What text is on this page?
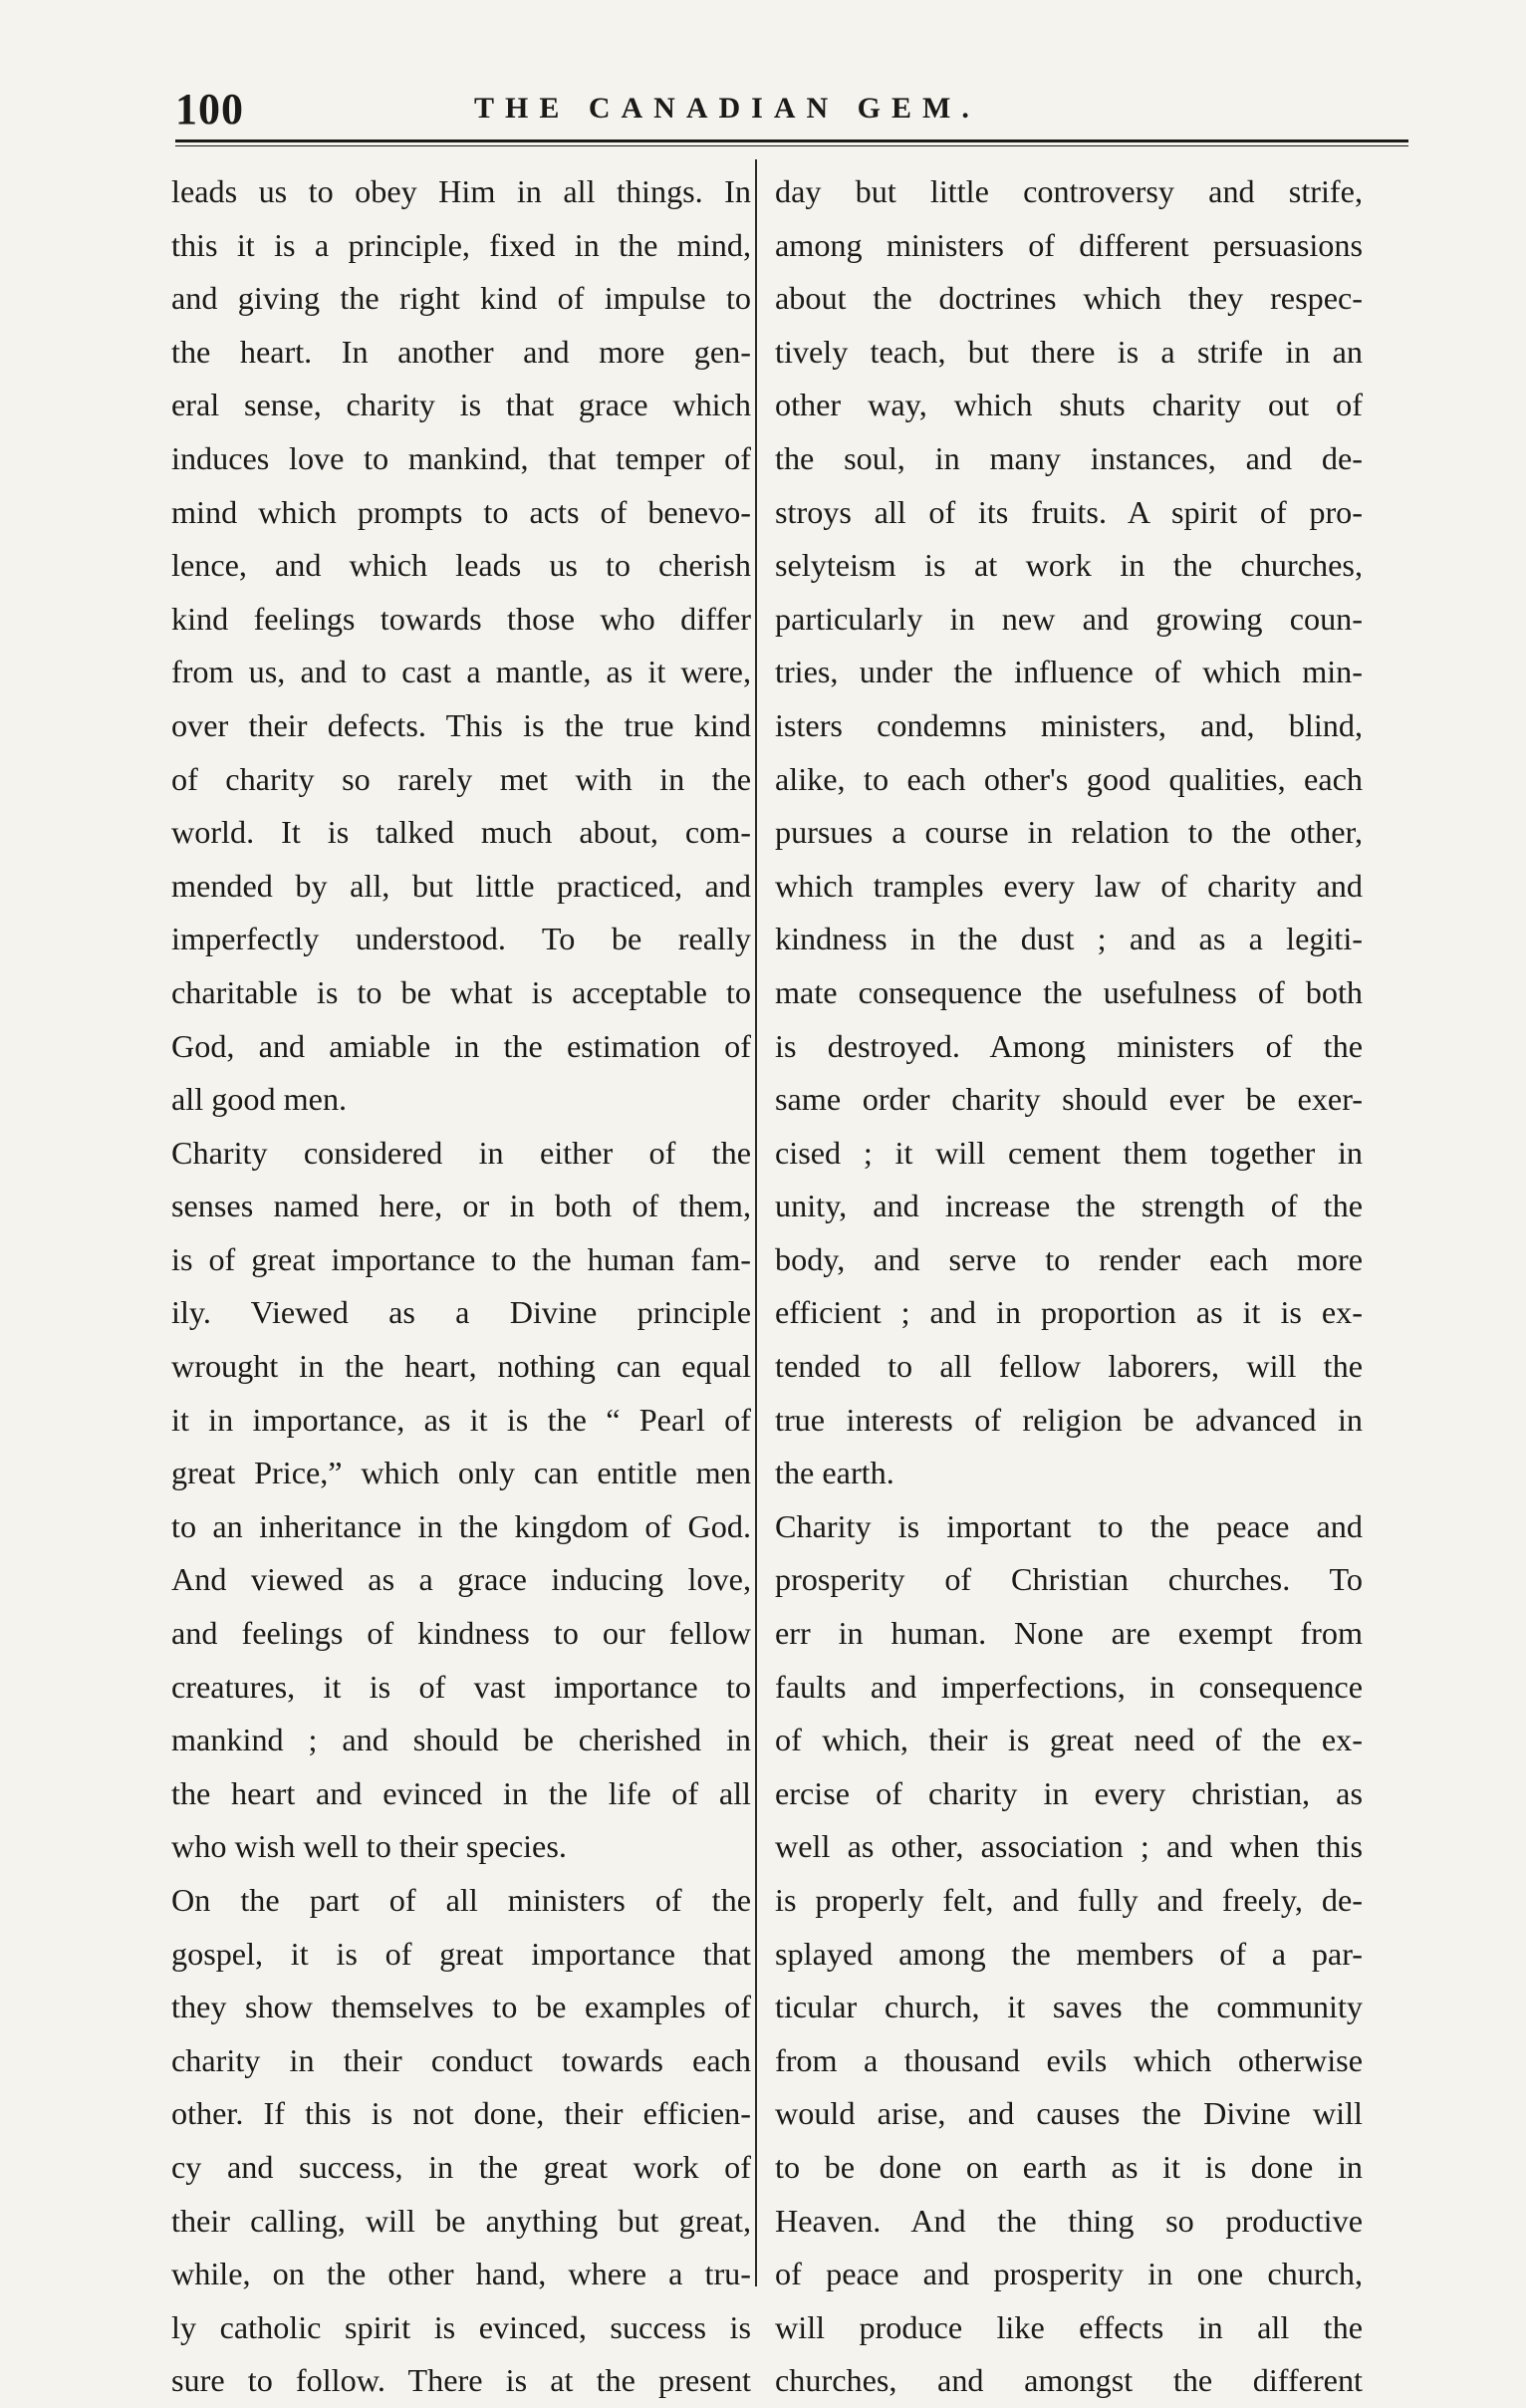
100	THE CANADIAN GEM.
leads us to obey Him in all things. In
this it is a principle, fixed in the mind,
and giving the right kind of impulse to
the heart. In another and more gen-
eral sense, charity is that grace which
induces love to mankind, that temper of
mind which prompts to acts of benevo-
lence, and which leads us to cherish
kind feelings towards those who differ
from us, and to cast a mantle, as it were,
over their defects. This is the true kind
of charity so rarely met with in the
world. It is talked much about, com-
mended by all, but little practiced, and
imperfectly understood. To be really
charitable is to be what is acceptable to
God, and amiable in the estimation of
all good men.
Charity considered in either of the
senses named here, or in both of them,
is of great importance to the human fam-
ily. Viewed as a Divine principle
wrought in the heart, nothing can equal
it in importance, as it is the “ Pearl of
great Price,” which only can entitle men
to an inheritance in the kingdom of God.
And viewed as a grace inducing love,
and feelings of kindness to our fellow
creatures, it is of vast importance to
mankind ; and should be cherished in
the heart and evinced in the life of all
who wish well to their species.
On the part of all ministers of the
gospel, it is of great importance that
they show themselves to be examples of
charity in their conduct towards each
other. If this is not done, their efficien-
cy and success, in the great work of
their calling, will be anything but great,
while, on the other hand, where a tru-
ly catholic spirit is evinced, success is
sure to follow. There is at the present
day but little controversy and strife,
among ministers of different persuasions
about the doctrines which they respec-
tively teach, but there is a strife in an
other way, which shuts charity out of
the soul, in many instances, and de-
stroys all of its fruits. A spirit of pro-
selyteism is at work in the churches,
particularly in new and growing coun-
tries, under the influence of which min-
isters condemns ministers, and, blind,
alike, to each other's good qualities, each
pursues a course in relation to the other,
which tramples every law of charity and
kindness in the dust ; and as a legiti-
mate consequence the usefulness of both
is destroyed. Among ministers of the
same order charity should ever be exer-
cised ; it will cement them together in
unity, and increase the strength of the
body, and serve to render each more
efficient ; and in proportion as it is ex-
tended to all fellow laborers, will the
true interests of religion be advanced in
the earth.
Charity is important to the peace and
prosperity of Christian churches. To
err in human. None are exempt from
faults and imperfections, in consequence
of which, their is great need of the ex-
ercise of charity in every christian, as
well as other, association ; and when this
is properly felt, and fully and freely, de-
splayed among the members of a par-
ticular church, it saves the community
from a thousand evils which otherwise
would arise, and causes the Divine will
to be done on earth as it is done in
Heaven. And the thing so productive
of peace and prosperity in one church,
will produce like effects in all the
churches, and amongst the different
